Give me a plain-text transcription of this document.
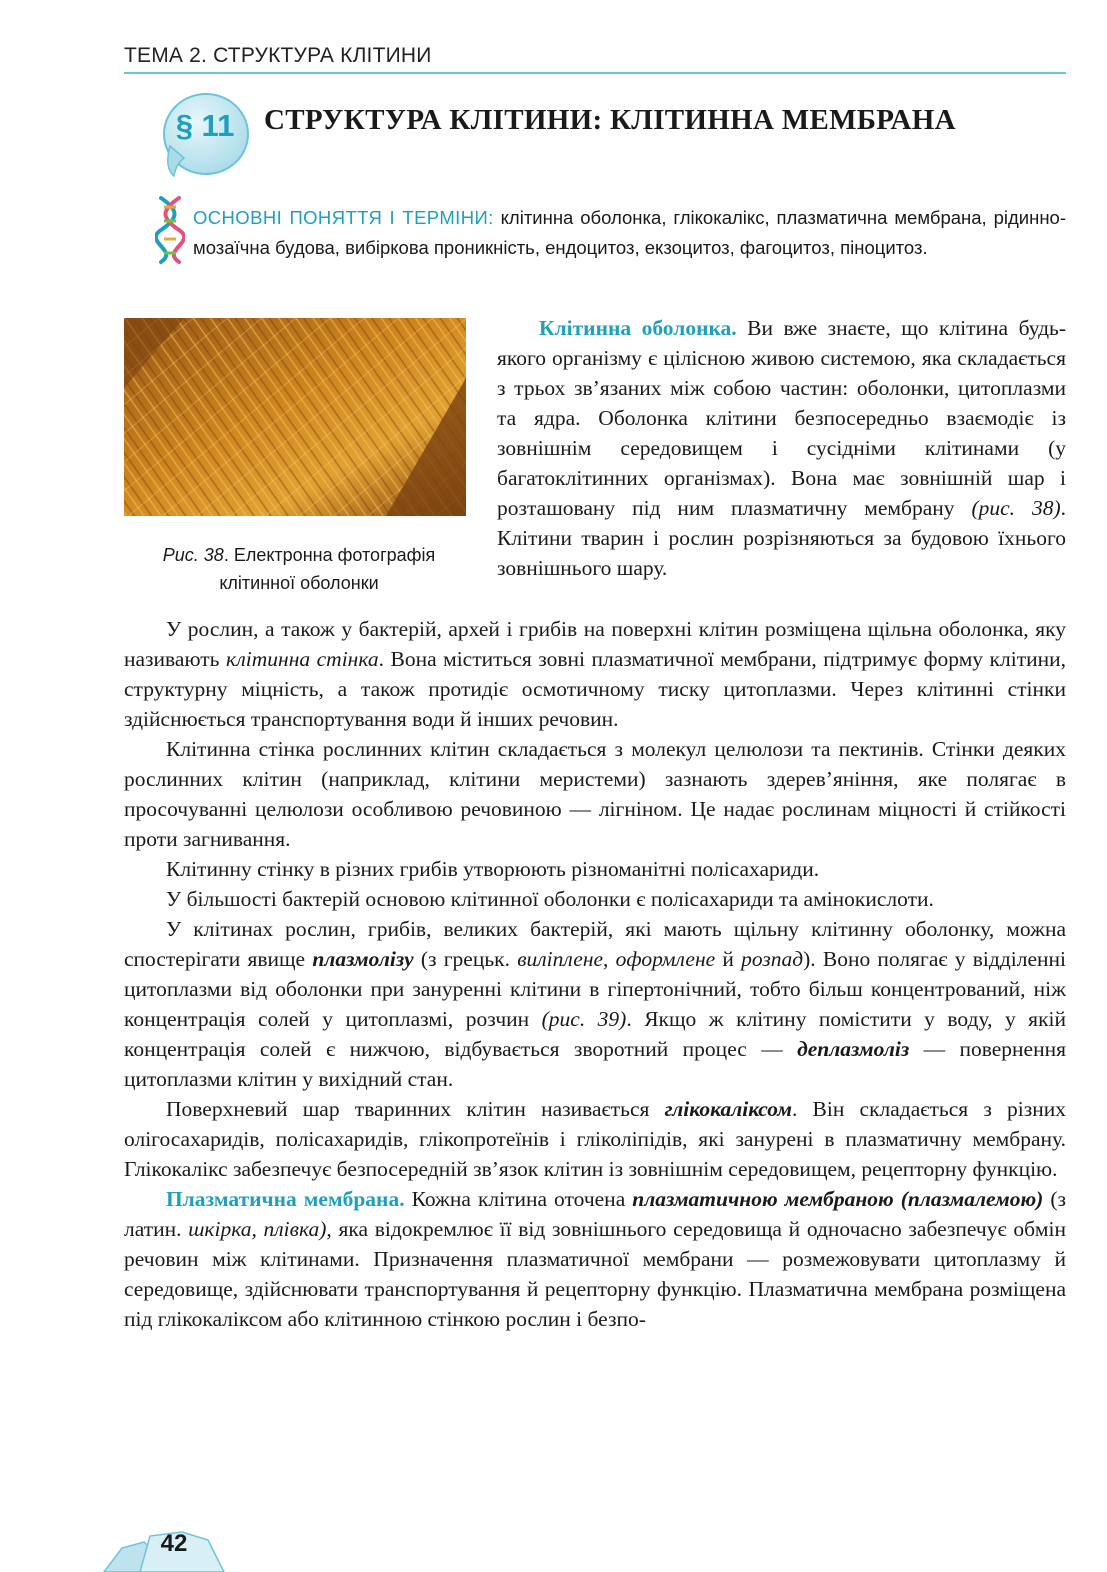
ТЕМА 2. СТРУКТУРА КЛІТИНИ
§ 11	СТРУКТУРА КЛІТИНИ: КЛІТИННА МЕМБРАНА
ОСНОВНІ ПОНЯТТЯ І ТЕРМІНИ: клітинна оболонка, глікокалікс, плазматична мембрана, рідинно-мозаїчна будова, вибіркова проникність, ендоцитоз, екзоцитоз, фагоцитоз, піноцитоз.
Рис. 38. Електронна фотографія клітинної оболонки
Клітинна оболонка. Ви вже знаєте, що клітина будь-якого організму є цілісною живою системою, яка складається з трьох зв’язаних між собою частин: оболонки, цитоплазми та ядра. Оболонка клітини безпосередньо взаємодіє із зовнішнім середовищем і сусідніми клітинами (у багатоклітинних організмах). Вона має зовнішній шар і розташовану під ним плазматичну мембрану (рис. 38). Клітини тварин і рослин розрізняються за будовою їхнього зовнішнього шару.

У рослин, а також у бактерій, архей і грибів на поверхні клітин розміщена щільна оболонка, яку називають клітинна стінка. Вона міститься зовні плазматичної мембрани, підтримує форму клітини, структурну міцність, а також протидіє осмотичному тиску цитоплазми. Через клітинні стінки здійснюється транспортування води й інших речовин.

Клітинна стінка рослинних клітин складається з молекул целюлози та пектинів. Стінки деяких рослинних клітин (наприклад, клітини меристеми) зазнають здерев’яніння, яке полягає в просочуванні целюлози особливою речовиною — лігніном. Це надає рослинам міцності й стійкості проти загнивання.

Клітинну стінку в різних грибів утворюють різноманітні полісахариди.

У більшості бактерій основою клітинної оболонки є полісахариди та амінокислоти.

У клітинах рослин, грибів, великих бактерій, які мають щільну клітинну оболонку, можна спостерігати явище плазмолізу (з грецьк. виліплене, оформлене й розпад). Воно полягає у відділенні цитоплазми від оболонки при зануренні клітини в гіпертонічний, тобто більш концентрований, ніж концентрація солей у цитоплазмі, розчин (рис. 39). Якщо ж клітину помістити у воду, у якій концентрація солей є нижчою, відбувається зворотний процес — деплазмоліз — повернення цитоплазми клітин у вихідний стан.

Поверхневий шар тваринних клітин називається глікокаліксом. Він складається з різних олігосахаридів, полісахаридів, глікопротеїнів і гліколіпідів, які занурені в плазматичну мембрану. Глікокалікс забезпечує безпосередній зв’язок клітин із зовнішнім середовищем, рецепторну функцію.

Плазматична мембрана. Кожна клітина оточена плазматичною мембраною (плазмалемою) (з латин. шкірка, плівка), яка відокремлює її від зовнішнього середовища й одночасно забезпечує обмін речовин між клітинами. Призначення плазматичної мембрани — розмежовувати цитоплазму й середовище, здійснювати транспортування й рецепторну функцію. Плазматична мембрана розміщена під глікокаліксом або клітинною стінкою рослин і безпо-

42
